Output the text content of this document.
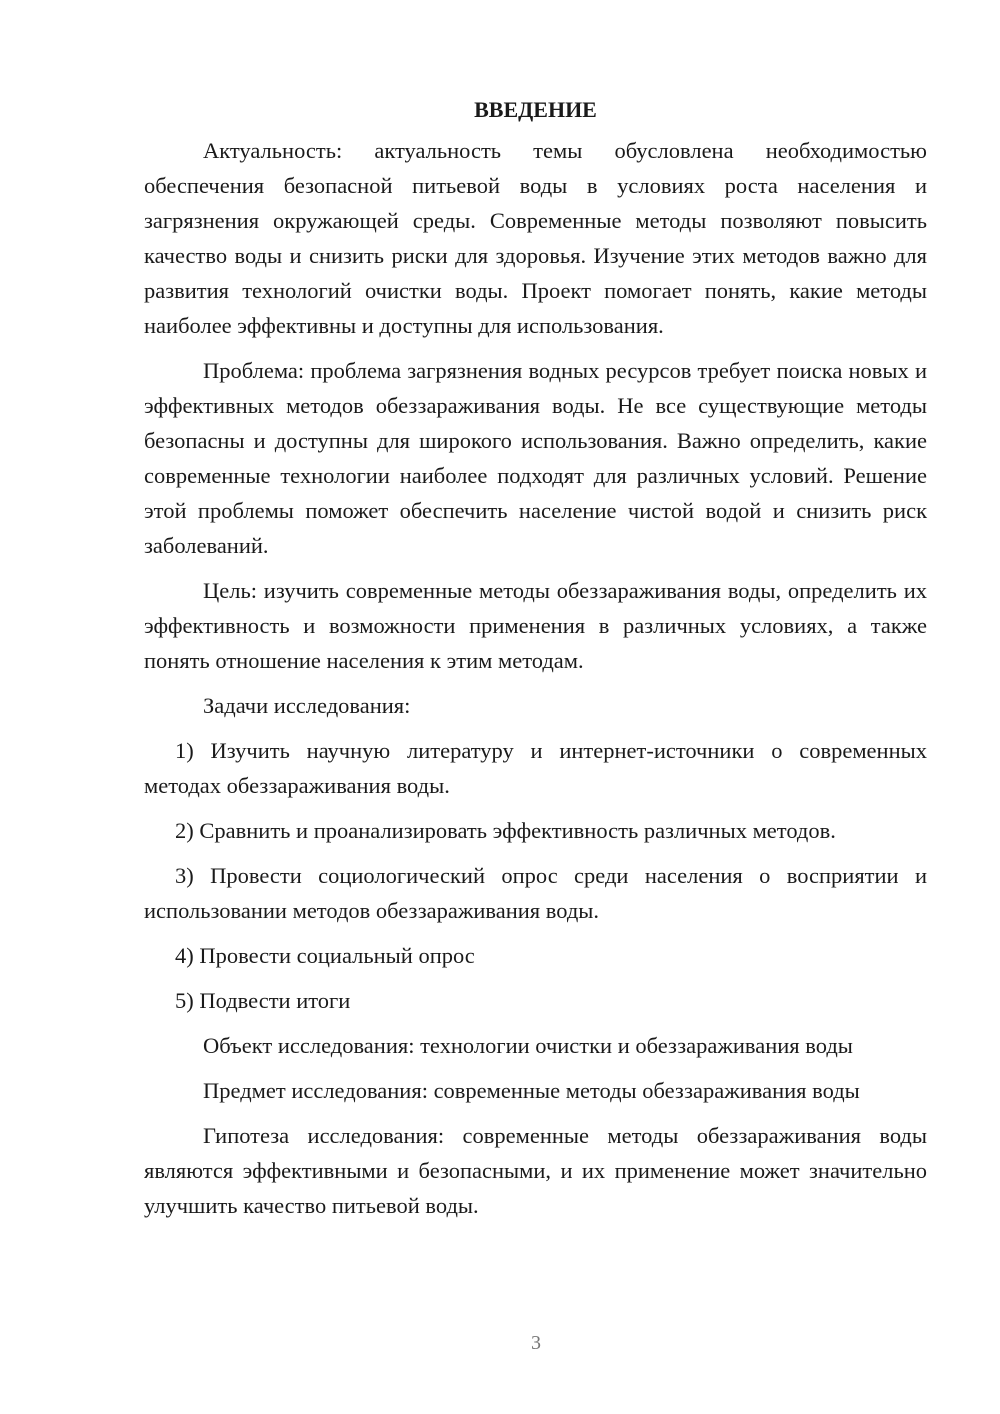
ВВЕДЕНИЕ

Актуальность: актуальность темы обусловлена необходимостью обеспечения безопасной питьевой воды в условиях роста населения и загрязнения окружающей среды. Современные методы позволяют повысить качество воды и снизить риски для здоровья. Изучение этих методов важно для развития технологий очистки воды. Проект помогает понять, какие методы наиболее эффективны и доступны для использования.

Проблема: проблема загрязнения водных ресурсов требует поиска новых и эффективных методов обеззараживания воды. Не все существующие методы безопасны и доступны для широкого использования. Важно определить, какие современные технологии наиболее подходят для различных условий. Решение этой проблемы поможет обеспечить население чистой водой и снизить риск заболеваний.

Цель: изучить современные методы обеззараживания воды, определить их эффективность и возможности применения в различных условиях, а также понять отношение населения к этим методам.

Задачи исследования:

1) Изучить научную литературу и интернет-источники о современных методах обеззараживания воды.

2) Сравнить и проанализировать эффективность различных методов.

3) Провести социологический опрос среди населения о восприятии и использовании методов обеззараживания воды.

4) Провести социальный опрос

5) Подвести итоги

Объект исследования: технологии очистки и обеззараживания воды

Предмет исследования: современные методы обеззараживания воды

Гипотеза исследования: современные методы обеззараживания воды являются эффективными и безопасными, и их применение может значительно улучшить качество питьевой воды.

3
